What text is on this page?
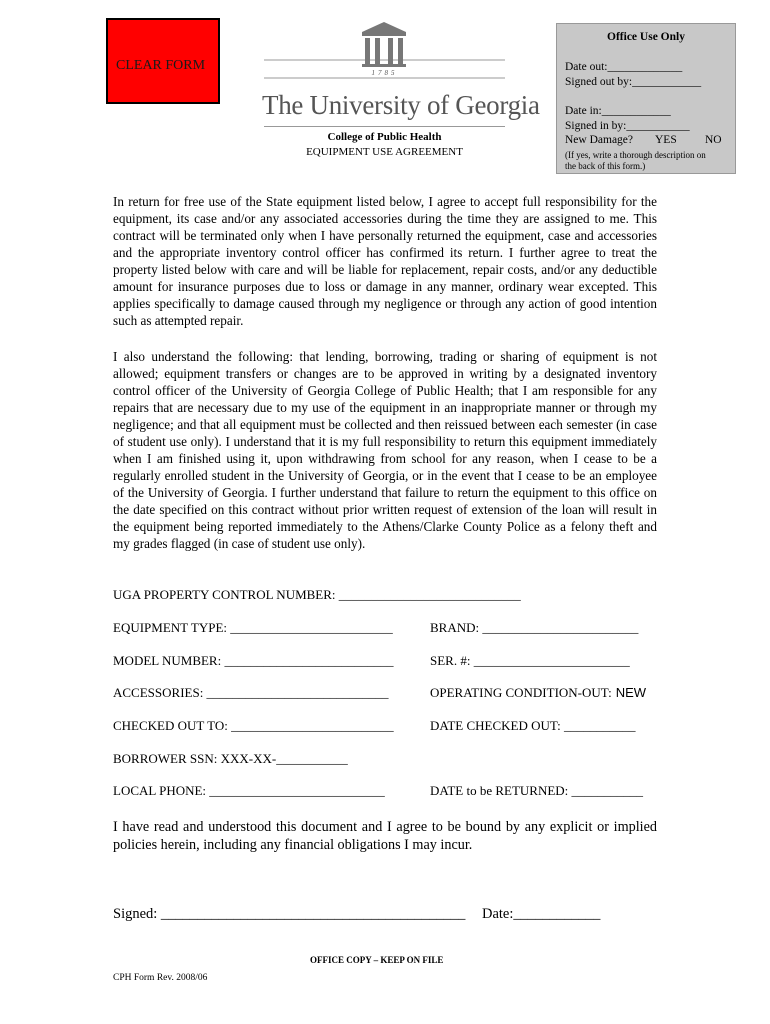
CLEAR FORM	1785
The University of Georgia
College of Public Health
EQUIPMENT USE AGREEMENT
Office Use Only
Date out:_____________
Signed out by:____________
Date in:____________
Signed in by:___________
New Damage? YES NO
(If yes, write a thorough description on
the back of this form.)
In return for free use of the State equipment listed below, I agree to accept full responsibility for the equipment, its case and/or any associated accessories during the time they are assigned to me. This contract will be terminated only when I have personally returned the equipment, case and accessories and the appropriate inventory control officer has confirmed its return. I further agree to treat the property listed below with care and will be liable for replacement, repair costs, and/or any deductible amount for insurance purposes due to loss or damage in any manner, ordinary wear excepted. This applies specifically to damage caused through my negligence or through any action of good intention such as attempted repair.
I also understand the following: that lending, borrowing, trading or sharing of equipment is not allowed; equipment transfers or changes are to be approved in writing by a designated inventory control officer of the University of Georgia College of Public Health; that I am responsible for any repairs that are necessary due to my use of the equipment in an inappropriate manner or through my negligence; and that all equipment must be collected and then reissued between each semester (in case of student use only). I understand that it is my full responsibility to return this equipment immediately when I am finished using it, upon withdrawing from school for any reason, when I cease to be a regularly enrolled student in the University of Georgia, or in the event that I cease to be an employee of the University of Georgia. I further understand that failure to return the equipment to this office on the date specified on this contract without prior written request of extension of the loan will result in the equipment being reported immediately to the Athens/Clarke County Police as a felony theft and my grades flagged (in case of student use only).
UGA PROPERTY CONTROL NUMBER: ____________________________
EQUIPMENT TYPE: _________________________	BRAND: ________________________
MODEL NUMBER: __________________________	SER. #: ________________________
ACCESSORIES: ____________________________	OPERATING CONDITION-OUT: NEW
CHECKED OUT TO: _________________________	DATE CHECKED OUT: ___________
BORROWER SSN: XXX-XX-___________
LOCAL PHONE: ___________________________	DATE to be RETURNED: ___________
I have read and understood this document and I agree to be bound by any explicit or implied policies herein, including any financial obligations I may incur.
Signed: __________________________________________ Date:____________
OFFICE COPY – KEEP ON FILE
CPH Form Rev. 2008/06
